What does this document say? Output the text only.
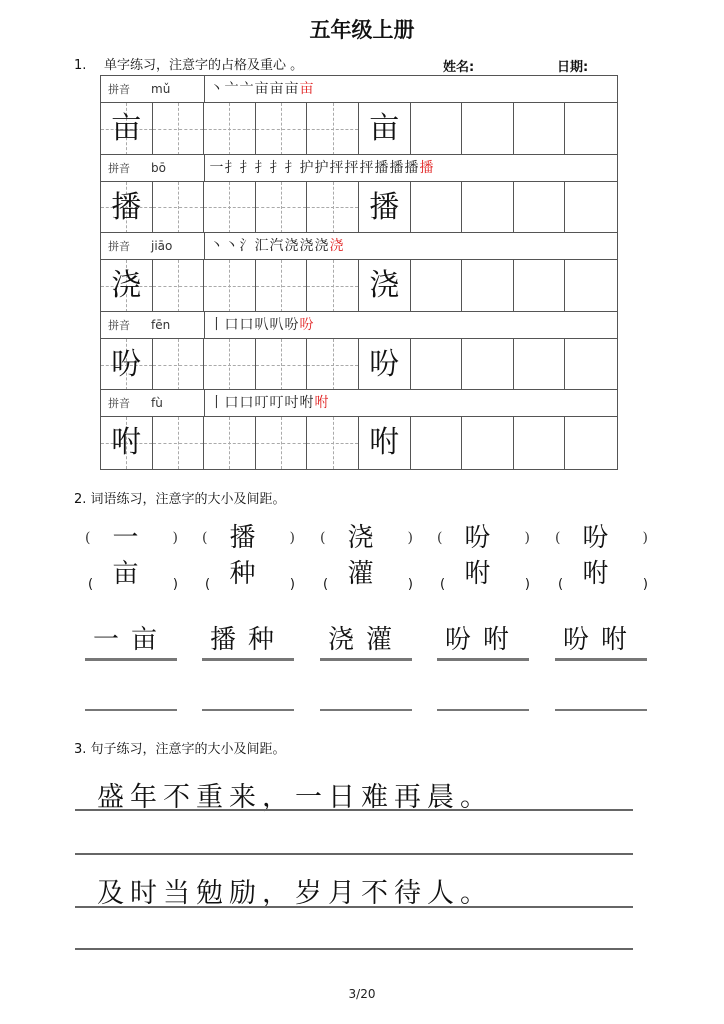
五年级上册
1. 单字练习，注意字的占格及重心 。	姓名:	日期:
拼音 mǔ	丶亠亠亩亩亩亩
亩	亩
拼音 bō	一扌扌扌扌扌护护抨抨抨播播播播
播	播
拼音 jiāo	丶丶氵汇汽浇浇浇浇
浇	浇
拼音 fēn	丨口口叭叭吩吩
吩	吩
拼音 fù	丨口口叮叮吋咐咐
咐	咐
2. 词语练习，注意字的大小及间距。
( 一亩
)
(	)
一亩
( 播种
)
(	)
播种
( 浇灌
)
(	)
浇灌
( 吩咐
)
(	)
吩咐
( 吩咐
)
(	)
吩咐
3. 句子练习，注意字的大小及间距。
盛年不重来，一日难再晨。
及时当勉励，岁月不待人。
3/20
